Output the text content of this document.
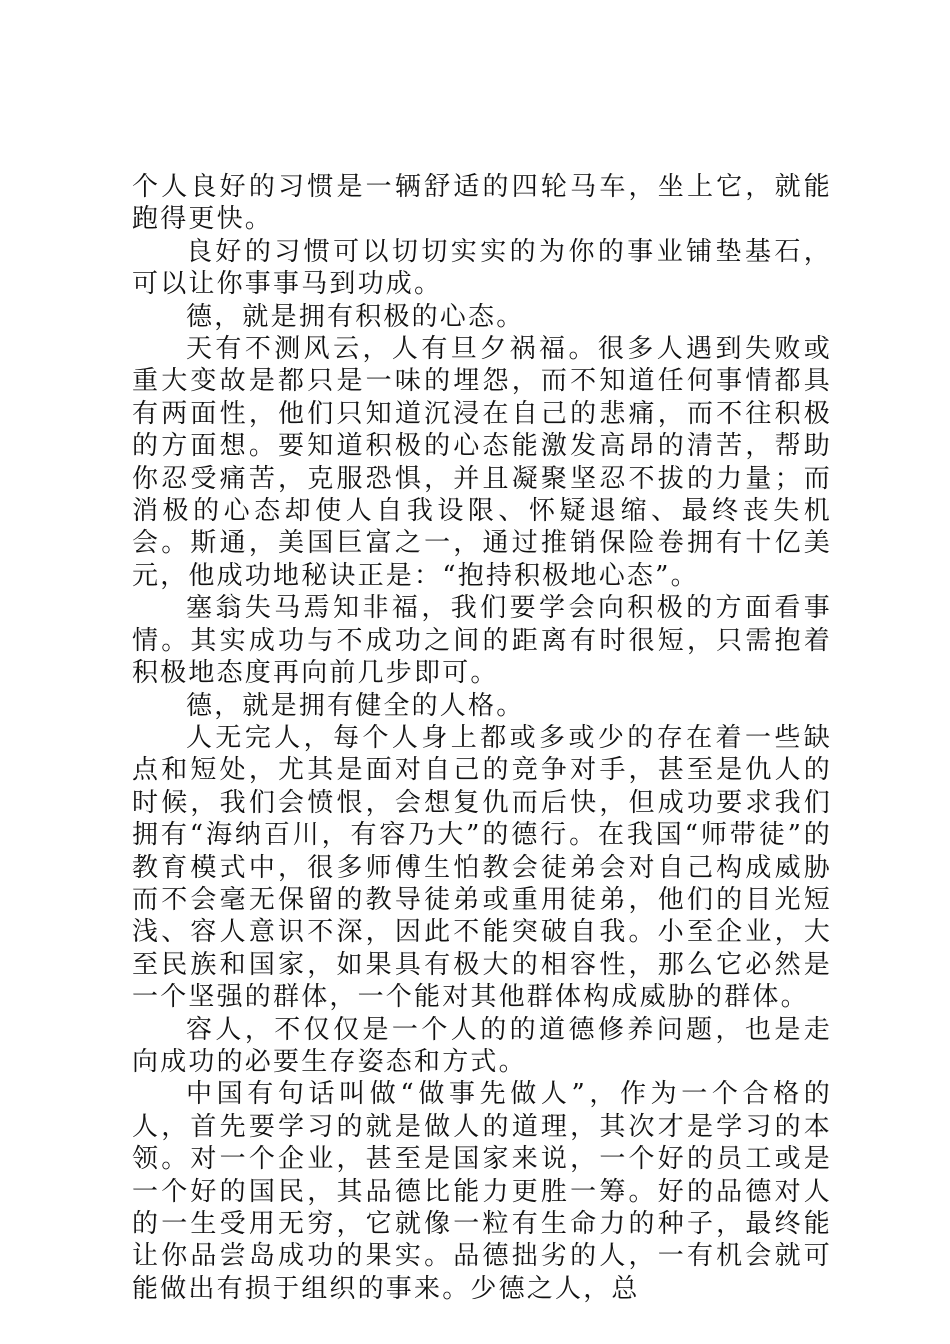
个人良好的习惯是一辆舒适的四轮马车，坐上它，就能跑得更快。

良好的习惯可以切切实实的为你的事业铺垫基石，可以让你事事马到功成。

德，就是拥有积极的心态。

天有不测风云，人有旦夕祸福。很多人遇到失败或重大变故是都只是一味的埋怨，而不知道任何事情都具有两面性，他们只知道沉浸在自己的悲痛，而不往积极的方面想。要知道积极的心态能激发高昂的清苦，帮助你忍受痛苦，克服恐惧，并且凝聚坚忍不拔的力量；而消极的心态却使人自我设限、怀疑退缩、最终丧失机会。斯通，美国巨富之一，通过推销保险卷拥有十亿美元，他成功地秘诀正是：“抱持积极地心态”。

塞翁失马焉知非福，我们要学会向积极的方面看事情。其实成功与不成功之间的距离有时很短，只需抱着积极地态度再向前几步即可。

德，就是拥有健全的人格。

人无完人，每个人身上都或多或少的存在着一些缺点和短处，尤其是面对自己的竞争对手，甚至是仇人的时候，我们会愤恨，会想复仇而后快，但成功要求我们拥有“海纳百川，有容乃大”的德行。在我国“师带徒”的教育模式中，很多师傅生怕教会徒弟会对自己构成威胁而不会毫无保留的教导徒弟或重用徒弟，他们的目光短浅、容人意识不深，因此不能突破自我。小至企业，大至民族和国家，如果具有极大的相容性，那么它必然是一个坚强的群体，一个能对其他群体构成威胁的群体。

容人，不仅仅是一个人的的道德修养问题，也是走向成功的必要生存姿态和方式。

中国有句话叫做“做事先做人”，作为一个合格的人，首先要学习的就是做人的道理，其次才是学习的本领。对一个企业，甚至是国家来说，一个好的员工或是一个好的国民，其品德比能力更胜一筹。好的品德对人的一生受用无穷，它就像一粒有生命力的种子，最终能让你品尝岛成功的果实。品德拙劣的人，一有机会就可能做出有损于组织的事来。少德之人，总
